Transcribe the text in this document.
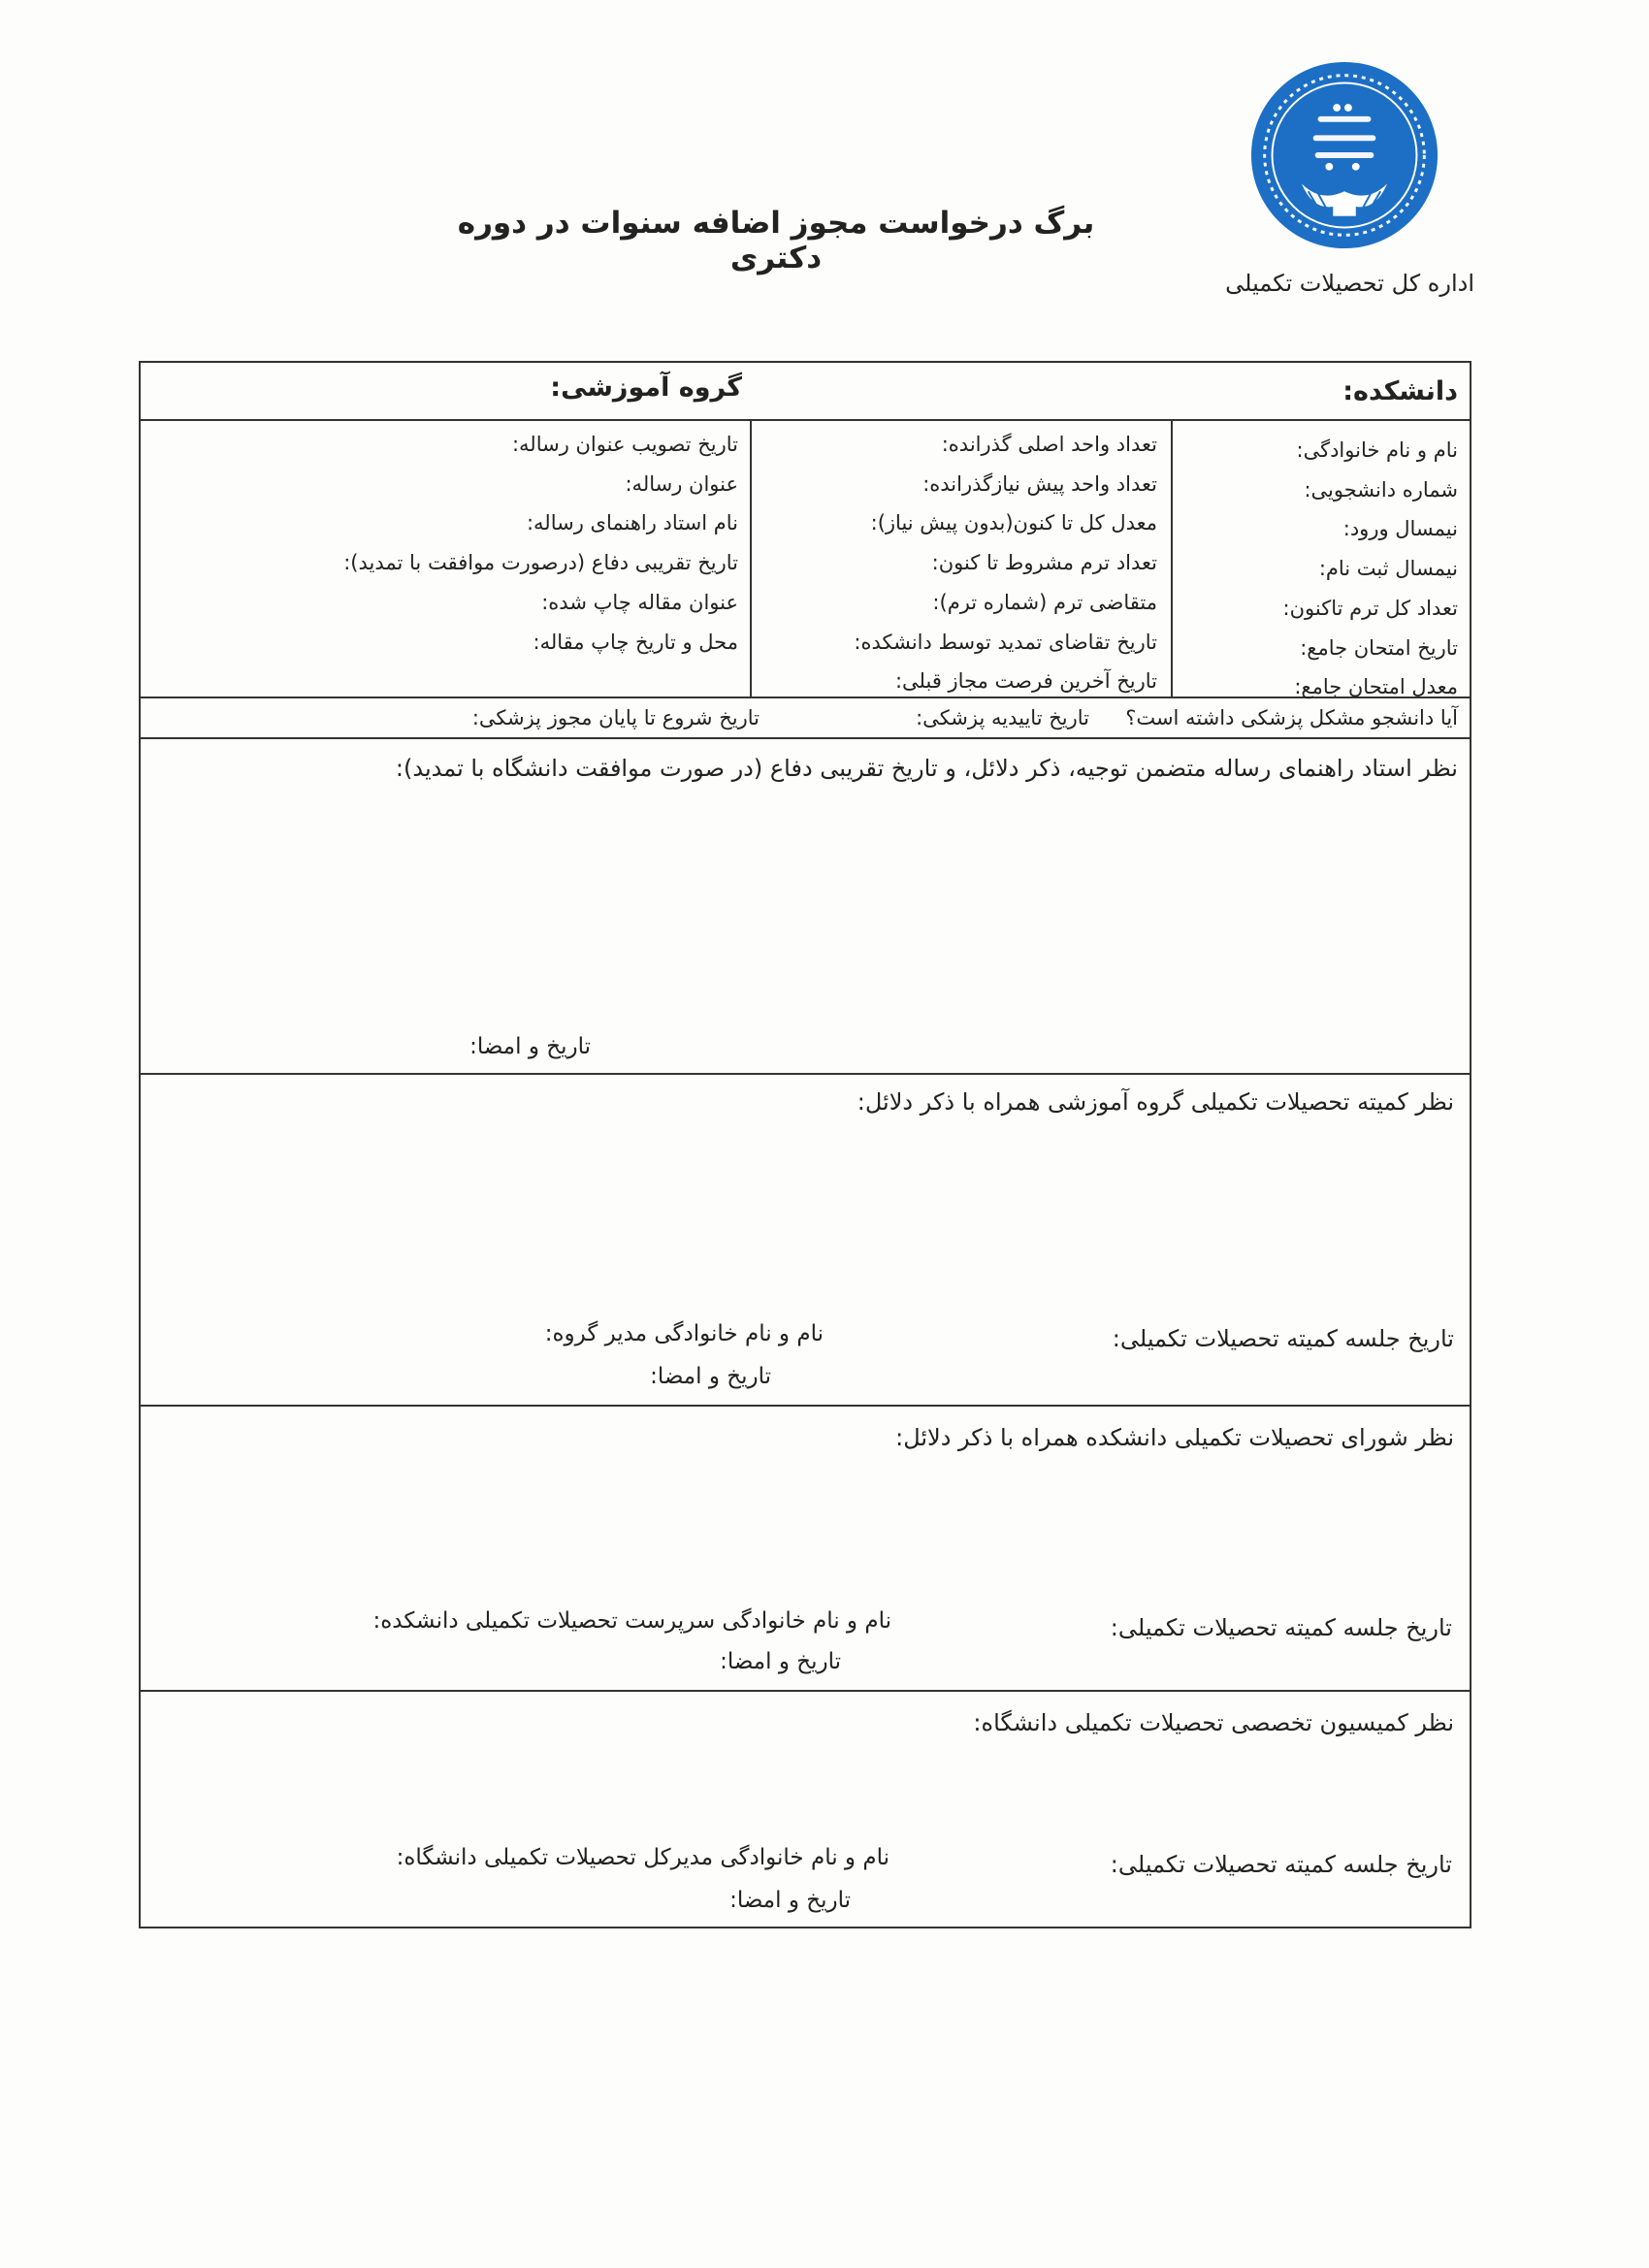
برگ درخواست مجوز اضافه سنوات در دوره دکتری
اداره کل تحصیلات تکمیلی
دانشکده:
گروه آموزشی:
نام و نام خانوادگی:
شماره دانشجویی:
نیمسال ورود:
نیمسال ثبت نام:
تعداد کل ترم تاکنون:
تاریخ امتحان جامع:
معدل امتحان جامع:
تعداد واحد اصلی گذرانده:
تعداد واحد پیش نیازگذرانده:
معدل کل تا کنون(بدون پیش نیاز):
تعداد ترم مشروط تا کنون:
متقاضی ترم (شماره ترم):
تاریخ تقاضای تمدید توسط دانشکده:
تاریخ آخرین فرصت مجاز قبلی:
تاریخ تصویب عنوان رساله:
عنوان رساله:
نام استاد راهنمای رساله:
تاریخ تقریبی دفاع (درصورت موافقت با تمدید):
عنوان مقاله چاپ شده:
محل و تاریخ چاپ مقاله:
آیا دانشجو مشکل پزشکی داشته است؟
تاریخ تاییدیه پزشکی:
تاریخ شروع تا پایان مجوز پزشکی:
نظر استاد راهنمای رساله متضمن توجیه، ذکر دلائل، و تاریخ تقریبی دفاع (در صورت موافقت دانشگاه با تمدید):
تاریخ و امضا:
نظر کمیته تحصیلات تکمیلی گروه آموزشی همراه با ذکر دلائل:
تاریخ جلسه کمیته تحصیلات تکمیلی:
نام و نام خانوادگی مدیر گروه:
تاریخ و امضا:
نظر شورای تحصیلات تکمیلی دانشکده همراه با ذکر دلائل:
تاریخ جلسه کمیته تحصیلات تکمیلی:
نام و نام خانوادگی سرپرست تحصیلات تکمیلی دانشکده:
تاریخ و امضا:
نظر کمیسیون تخصصی تحصیلات تکمیلی دانشگاه:
تاریخ جلسه کمیته تحصیلات تکمیلی:
نام و نام خانوادگی مدیرکل تحصیلات تکمیلی دانشگاه:
تاریخ و امضا:
